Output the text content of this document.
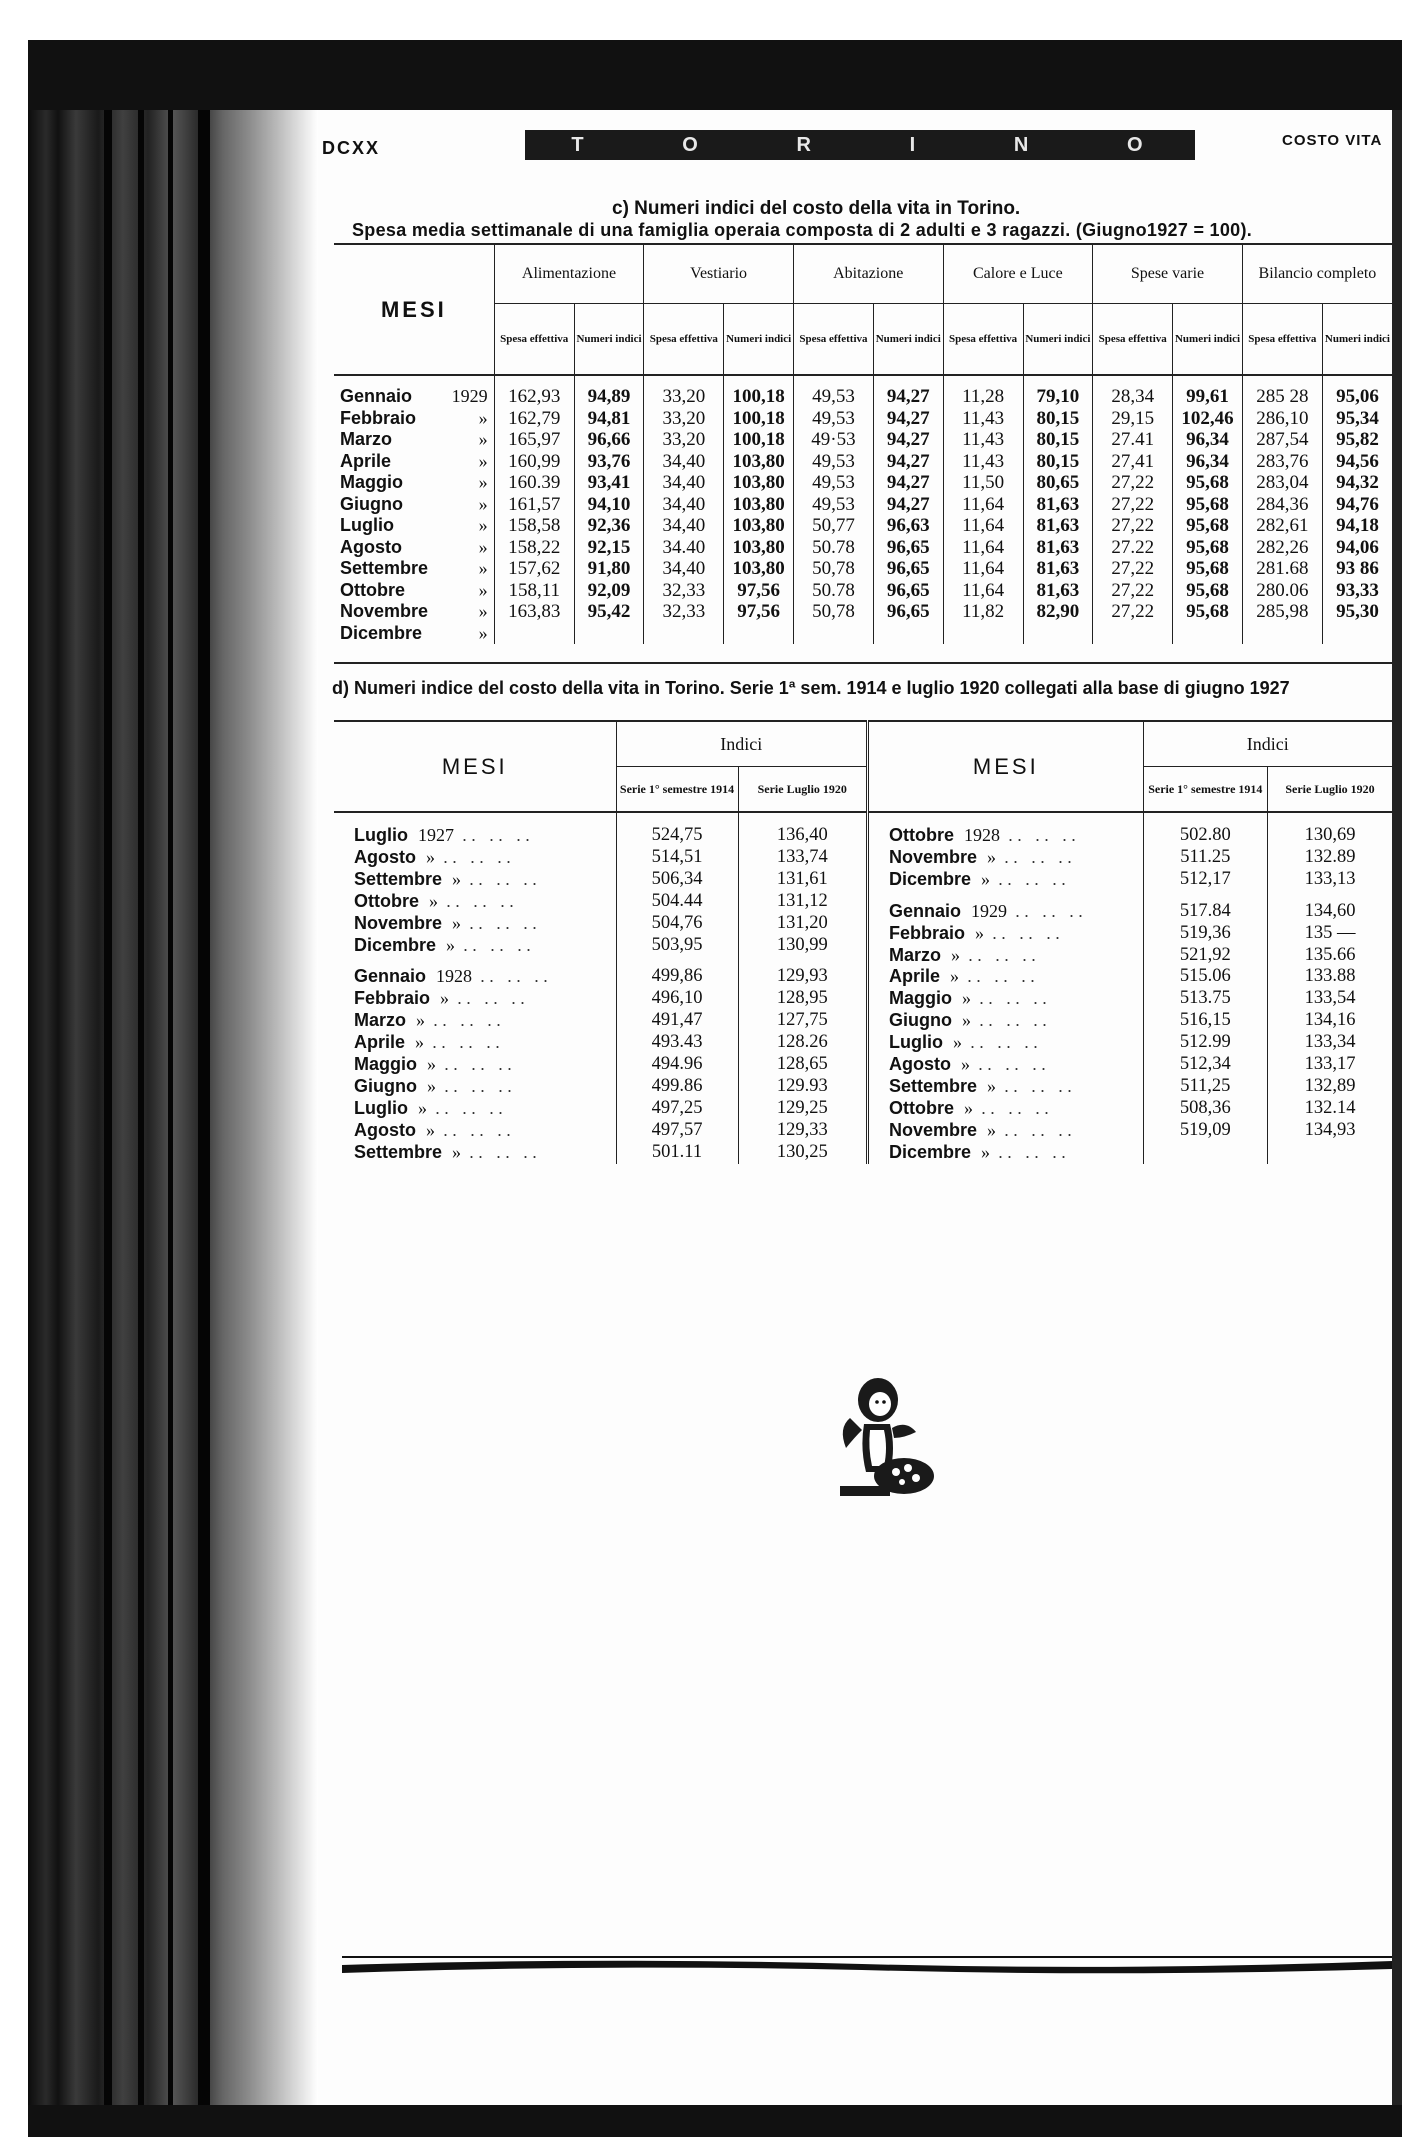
DCXX	T	O	R	I	N	O	COSTO VITA
c) Numeri indici del costo della vita in Torino.
Spesa media settimanale di una famiglia operaia composta di 2 adulti e 3 ragazzi. (Giugno1927 = 100).
MESI	Alimentazione		Vestiario		Abitazione		Calore e Luce		Spese varie		Bilancio completo	
	Spesa effettiva	Numeri indici	Spesa effettiva	Numeri indici	Spesa effettiva	Numeri indici	Spesa effettiva	Numeri indici	Spesa effettiva	Numeri indici	Spesa effettiva	Numeri indici
Gennaio 1929	162,93	94,89	33,20	100,18	49,53	94,27	11,28	79,10	28,34	99,61	285 28	95,06
Febbraio »	162,79	94,81	33,20	100,18	49,53	94,27	11,43	80,15	29,15	102,46	286,10	95,34
Marzo »	165,97	96,66	33,20	100,18	49·53	94,27	11,43	80,15	27.41	96,34	287,54	95,82
Aprile »	160,99	93,76	34,40	103,80	49,53	94,27	11,43	80,15	27,41	96,34	283,76	94,56
Maggio »	160.39	93,41	34,40	103,80	49,53	94,27	11,50	80,65	27,22	95,68	283,04	94,32
Giugno »	161,57	94,10	34,40	103,80	49,53	94,27	11,64	81,63	27,22	95,68	284,36	94,76
Luglio »	158,58	92,36	34,40	103,80	50,77	96,63	11,64	81,63	27,22	95,68	282,61	94,18
Agosto »	158,22	92,15	34.40	103,80	50.78	96,65	11,64	81,63	27.22	95,68	282,26	94,06
Settembre »	157,62	91,80	34,40	103,80	50,78	96,65	11,64	81,63	27,22	95,68	281.68	93 86
Ottobre »	158,11	92,09	32,33	97,56	50.78	96,65	11,64	81,63	27,22	95,68	280.06	93,33
Novembre »	163,83	95,42	32,33	97,56	50,78	96,65	11,82	82,90	27,22	95,68	285,98	95,30
Dicembre »												

d) Numeri indice del costo della vita in Torino. Serie 1ª sem. 1914 e luglio 1920 collegati alla base di giugno 1927
MESI	Indici	
	Serie 1° semestre 1914	Serie Luglio 1920
Luglio 1927 .. .. ..	524,75	136,40
Agosto » .. .. ..	514,51	133,74
Settembre » .. .. ..	506,34	131,61
Ottobre » .. .. ..	504.44	131,12
Novembre » .. .. ..	504,76	131,20
Dicembre » .. .. ..	503,95	130,99

Gennaio 1928 .. .. ..	499,86	129,93
Febbraio » .. .. ..	496,10	128,95
Marzo » .. .. ..	491,47	127,75
Aprile » .. .. ..	493.43	128.26
Maggio » .. .. ..	494.96	128,65
Giugno » .. .. ..	499.86	129.93
Luglio » .. .. ..	497,25	129,25
Agosto » .. .. ..	497,57	129,33
Settembre » .. .. ..	501.11	130,25
MESI	Indici	
	Serie 1° semestre 1914	Serie Luglio 1920
Ottobre 1928 .. .. ..	502.80	130,69
Novembre » .. .. ..	511.25	132.89
Dicembre » .. .. ..	512,17	133,13

Gennaio 1929 .. .. ..	517.84	134,60
Febbraio » .. .. ..	519,36	135 —
Marzo » .. .. ..	521,92	135.66
Aprile » .. .. ..	515.06	133.88
Maggio » .. .. ..	513.75	133,54
Giugno » .. .. ..	516,15	134,16
Luglio » .. .. ..	512.99	133,34
Agosto » .. .. ..	512,34	133,17
Settembre » .. .. ..	511,25	132,89
Ottobre » .. .. ..	508,36	132.14
Novembre » .. .. ..	519,09	134,93
Dicembre » .. .. ..		
